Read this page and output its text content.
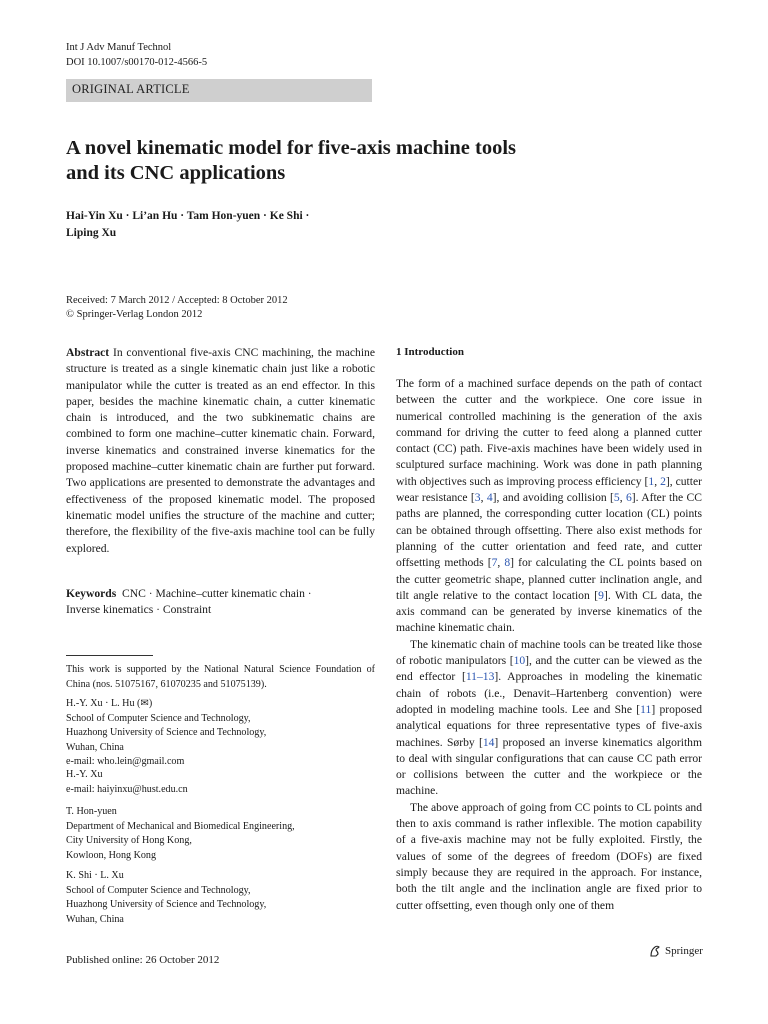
Int J Adv Manuf Technol
DOI 10.1007/s00170-012-4566-5
ORIGINAL ARTICLE
A novel kinematic model for five-axis machine tools
and its CNC applications
Hai-Yin Xu · Li’an Hu · Tam Hon-yuen · Ke Shi ·
Liping Xu
Received: 7 March 2012 / Accepted: 8 October 2012
© Springer-Verlag London 2012

Abstract In conventional five-axis CNC machining, the machine structure is treated as a single kinematic chain just like a robotic manipulator while the cutter is treated as an end effector. In this paper, besides the machine kinematic chain, a cutter kinematic chain is introduced, and the two subkinematic chains are combined to form one machine–cutter kinematic chain. Forward, inverse kinematics and constrained inverse kinematics for the proposed machine–cutter kinematic chain are further put forward. Two applications are presented to demonstrate the advantages and effectiveness of the proposed kinematic model. The proposed kinematic model unifies the structure of the machine and cutter; therefore, the flexibility of the five-axis machine tool can be fully explored.

Keywords CNC · Machine–cutter kinematic chain ·
Inverse kinematics · Constraint
This work is supported by the National Natural Science Foundation of China (nos. 51075167, 61070235 and 51075139).
H.-Y. Xu · L. Hu (✉)
School of Computer Science and Technology,
Huazhong University of Science and Technology,
Wuhan, China
e-mail: who.lein@gmail.com
H.-Y. Xu
e-mail: haiyinxu@hust.edu.cn
T. Hon-yuen
Department of Mechanical and Biomedical Engineering,
City University of Hong Kong,
Kowloon, Hong Kong
K. Shi · L. Xu
School of Computer Science and Technology,
Huazhong University of Science and Technology,
Wuhan, China
1 Introduction

The form of a machined surface depends on the path of contact between the cutter and the workpiece. One core issue in numerical controlled machining is the generation of the axis command for driving the cutter to feed along a planned cutter contact (CC) path. Five-axis machines have been widely used in sculptured surface machining. Work was done in path planning with objectives such as improving process efficiency [1, 2], cutter wear resistance [3, 4], and avoiding collision [5, 6]. After the CC paths are planned, the corresponding cutter location (CL) points can be obtained through offsetting. There also exist methods for planning of the cutter orientation and feed rate, and cutter offsetting methods [7, 8] for calculating the CL points based on the cutter geometric shape, planned cutter inclination angle, and tilt angle relative to the contact location [9]. With CL data, the axis command can be generated by inverse kinematics of the machine kinematic chain.

The kinematic chain of machine tools can be treated like those of robotic manipulators [10], and the cutter can be viewed as the end effector [11–13]. Approaches in modeling the kinematic chain of robots (i.e., Denavit–Hartenberg convention) were adopted in modeling machine tools. Lee and She [11] proposed analytical equations for three representative types of five-axis machines. Sørby [14] proposed an inverse kinematics algorithm to deal with singular configurations that can cause CC path error or collisions between the cutter and the workpiece or the machine.

The above approach of going from CC points to CL points and then to axis command is rather inflexible. The motion capability of a five-axis machine may not be fully exploited. Firstly, the values of some of the degrees of freedom (DOFs) are fixed simply because they are required in the approach. For instance, both the tilt angle and the inclination angle are fixed prior to cutter offsetting, even though only one of them

Published online: 26 October 2012
Springer
